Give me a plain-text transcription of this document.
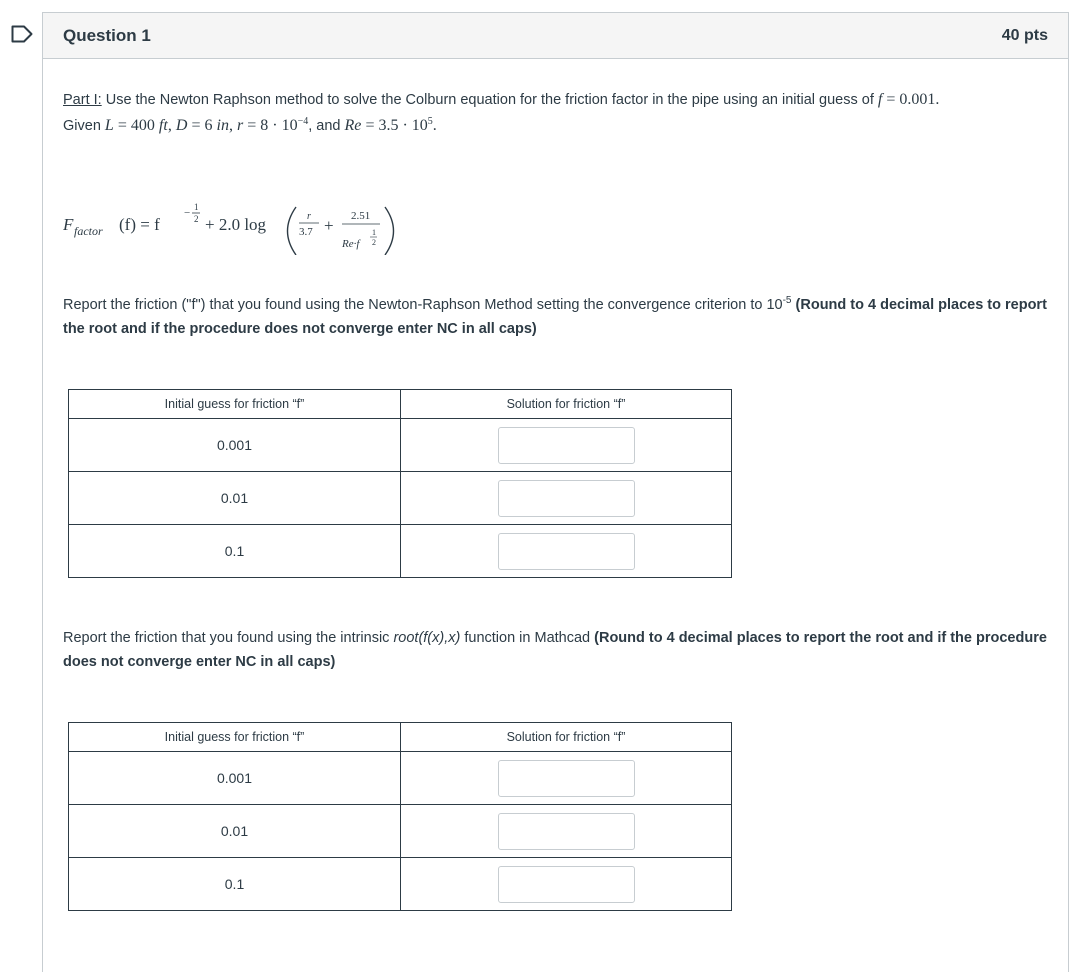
Question 1	40 pts
Part I: Use the Newton Raphson method to solve the Colburn equation for the friction factor in the pipe using an initial guess of f = 0.001.
Given L = 400 ft, D = 6 in, $r = 8 \cdot 10^{-4}$, and $Re = 3.5 \cdot 10^5$.
F factor (f) = f
− 1
2 + 2.0 log	r
3.7 + 2.51
Re·f
1
2
Report the friction ("f") that you found using the Newton-Raphson Method setting the convergence criterion to $10^{-5}$ (Round to 4 decimal places to report the root and if the procedure does not converge enter NC in all caps)
Initial guess for friction “f”	Solution for friction “f”
0.001	
0.01	
0.1	
Report the friction that you found using the intrinsic root(f(x),x) function in Mathcad (Round to 4 decimal places to report the root and if the procedure does not converge enter NC in all caps)
Initial guess for friction “f”	Solution for friction “f”
0.001	
0.01	
0.1	
